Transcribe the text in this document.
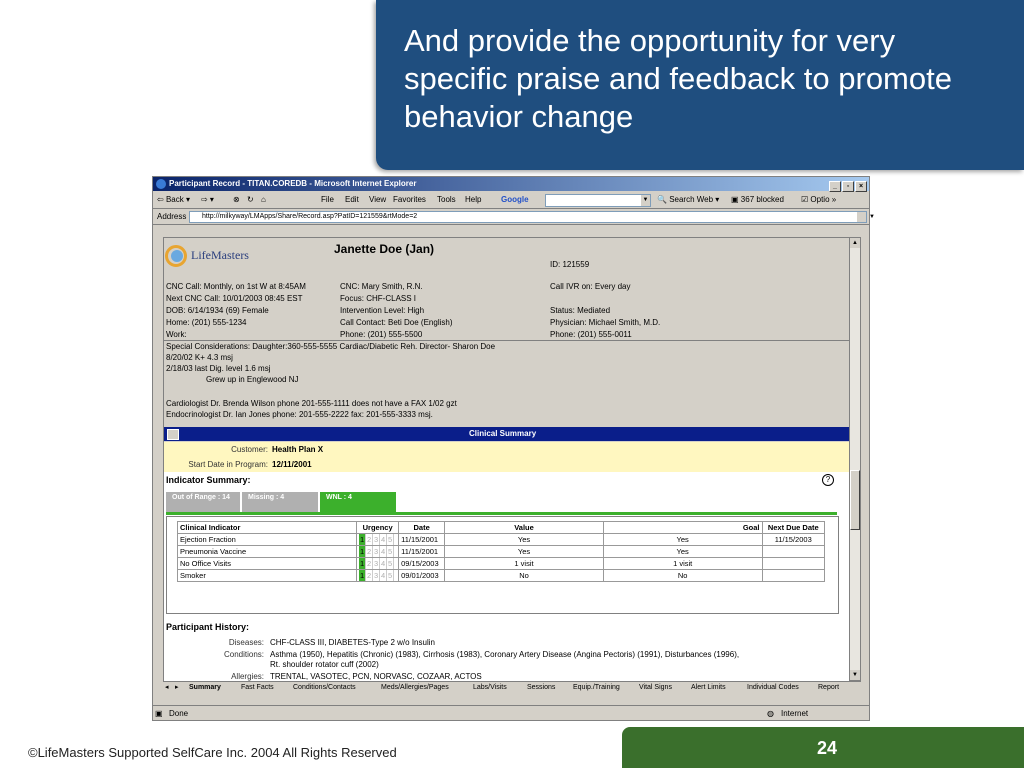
And provide the opportunity for very specific praise and feedback to promote behavior change
Participant Record - TITAN.COREDB - Microsoft Internet Explorer	_ ▫ ×
⇦ Back ▾ ⇨ ▾ ⊗ ↻ ⌂	File Edit View Favorites Tools Help Google	▼ 🔍 Search Web ▾ ▣ 367 blocked ☑ Optio »
Address	http://milkyway/LMApps/Share/Record.asp?PatID=121559&rtMode=2	▼
LifeMasters	Janette Doe (Jan)
ID: 121559
CNC Call: Monthly, on 1st W at 8:45AM
Next CNC Call: 10/01/2003 08:45 EST
DOB: 6/14/1934 (69) Female
Home: (201) 555-1234
Work:
CNC: Mary Smith, R.N.
Focus: CHF-CLASS I
Intervention Level: High
Call Contact: Beti Doe (English)
Phone: (201) 555-5500
Call IVR on: Every day
Status: Mediated
Physician: Michael Smith, M.D.
Phone: (201) 555-0011
Special Considerations: Daughter:360-555-5555 Cardiac/Diabetic Reh. Director- Sharon Doe
8/20/02 K+ 4.3 msj
2/18/03 last Dig. level 1.6 msj
Grew up in Englewood NJ
Cardiologist Dr. Brenda Wilson phone 201-555-1111 does not have a FAX 1/02 gzt
Endocrinologist Dr. Ian Jones phone: 201-555-2222 fax: 201-555-3333 msj.
Clinical Summary
Customer: Health Plan X
Start Date in Program: 12/11/2001
Indicator Summary:	?
Out of Range : 14	Missing : 4	WNL : 4
Clinical Indicator	Urgency	Date	Value	Goal	Next Due Date
Ejection Fraction	1 2 3 4 5	11/15/2001	Yes	Yes	11/15/2003
Pneumonia Vaccine	1 2 3 4 5	11/15/2001	Yes	Yes	
No Office Visits	1 2 3 4 5	09/15/2003	1 visit	1 visit	
Smoker	1 2 3 4 5	09/01/2003	No	No	
Participant History:
Diseases: CHF-CLASS III, DIABETES-Type 2 w/o Insulin
Conditions: Asthma (1950), Hepatitis (Chronic) (1983), Cirrhosis (1983), Coronary Artery Disease (Angina Pectoris) (1991), Disturbances (1996),
Rt. shoulder rotator cuff (2002)
Allergies: TRENTAL, VASOTEC, PCN, NORVASC, COZAAR, ACTOS
▲
▼
◂ ▸ Summary	Fast Facts	Conditions/Contacts	Meds/Allergies/Pages	Labs/Visits	Sessions	Equip./Training	Vital Signs	Alert Limits	Individual Codes	Report
▣ Done	◍ Internet
©LifeMasters Supported SelfCare Inc. 2004 All Rights Reserved	24
